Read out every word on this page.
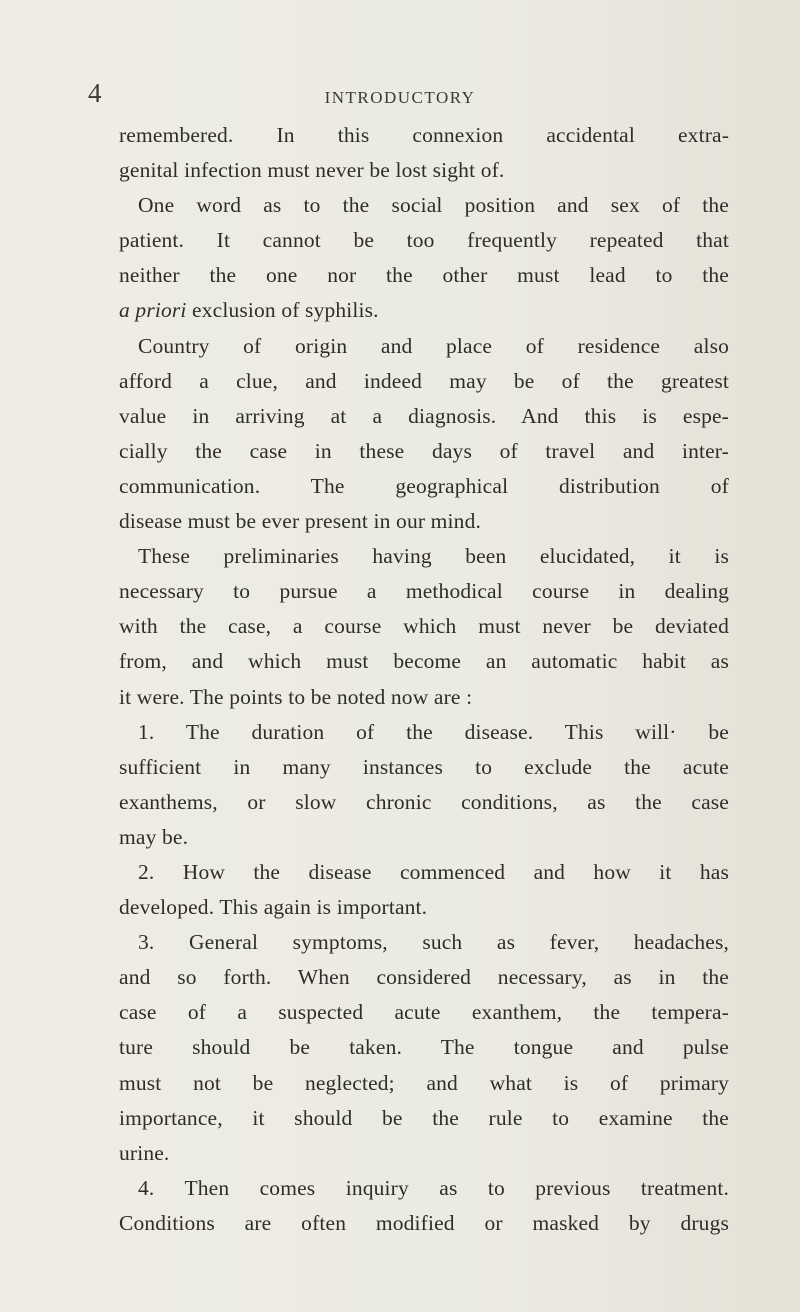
4	INTRODUCTORY
remembered. In this connexion accidental extra-
genital infection must never be lost sight of.
One word as to the social position and sex of the
patient. It cannot be too frequently repeated that
neither the one nor the other must lead to the
a priori exclusion of syphilis.
Country of origin and place of residence also
afford a clue, and indeed may be of the greatest
value in arriving at a diagnosis. And this is espe-
cially the case in these days of travel and inter-
communication. The geographical distribution of
disease must be ever present in our mind.
These preliminaries having been elucidated, it is
necessary to pursue a methodical course in dealing
with the case, a course which must never be deviated
from, and which must become an automatic habit as
it were. The points to be noted now are :
1. The duration of the disease. This will· be
sufficient in many instances to exclude the acute
exanthems, or slow chronic conditions, as the case
may be.
2. How the disease commenced and how it has
developed. This again is important.
3. General symptoms, such as fever, headaches,
and so forth. When considered necessary, as in the
case of a suspected acute exanthem, the tempera-
ture should be taken. The tongue and pulse
must not be neglected; and what is of primary
importance, it should be the rule to examine the
urine.
4. Then comes inquiry as to previous treatment.
Conditions are often modified or masked by drugs
